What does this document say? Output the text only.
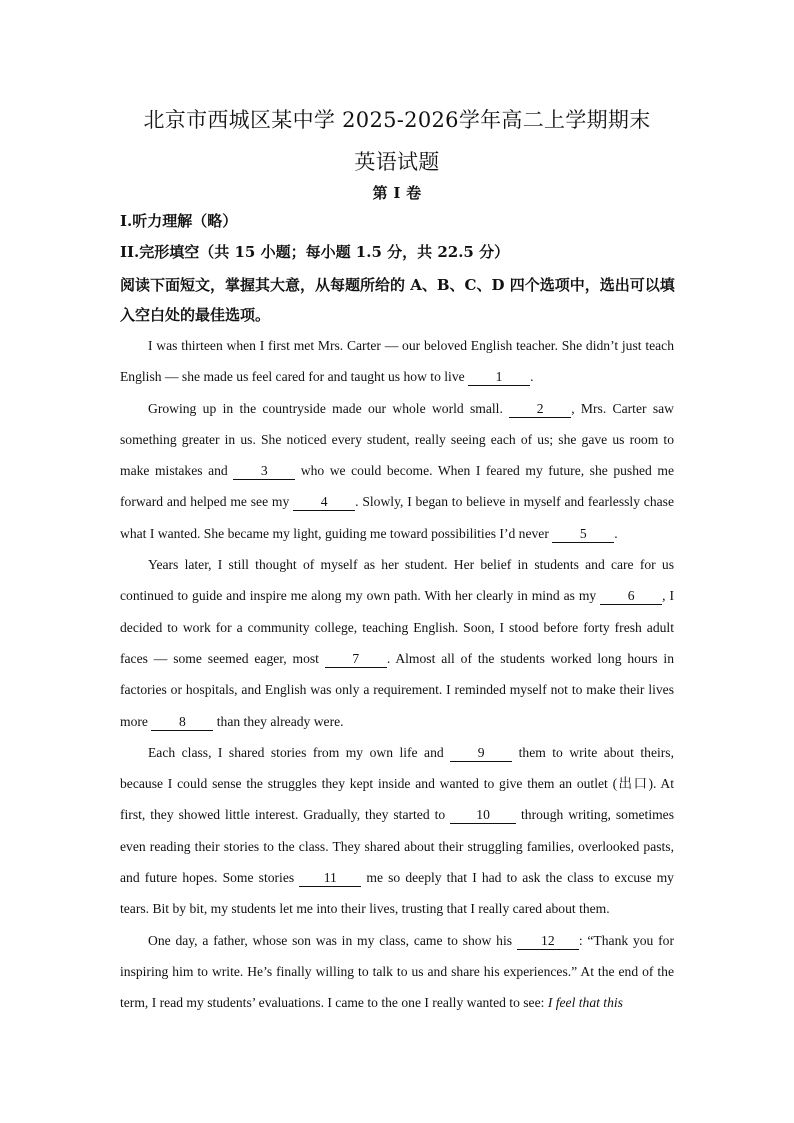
北京市西城区某中学 2025-2026学年高二上学期期末
英语试题
第 I 卷
I.听力理解（略）
II.完形填空（共 15 小题；每小题 1.5 分，共 22.5 分）
阅读下面短文，掌握其大意，从每题所给的 A、B、C、D 四个选项中，选出可以填入空白处的最佳选项。

I was thirteen when I first met Mrs. Carter — our beloved English teacher. She didn’t just teach English — she made us feel cared for and taught us how to live 1 .

Growing up in the countryside made our whole world small. 2 , Mrs. Carter saw something greater in us. She noticed every student, really seeing each of us; she gave us room to make mistakes and 3 who we could become. When I feared my future, she pushed me forward and helped me see my 4 . Slowly, I began to believe in myself and fearlessly chase what I wanted. She became my light, guiding me toward possibilities I’d never 5 .

Years later, I still thought of myself as her student. Her belief in students and care for us continued to guide and inspire me along my own path. With her clearly in mind as my 6 , I decided to work for a community college, teaching English. Soon, I stood before forty fresh adult faces — some seemed eager, most 7 . Almost all of the students worked long hours in factories or hospitals, and English was only a requirement. I reminded myself not to make their lives more 8 than they already were.

Each class, I shared stories from my own life and 9 them to write about theirs, because I could sense the struggles they kept inside and wanted to give them an outlet (出口). At first, they showed little interest. Gradually, they started to 10 through writing, sometimes even reading their stories to the class. They shared about their struggling families, overlooked pasts, and future hopes. Some stories 11 me so deeply that I had to ask the class to excuse my tears. Bit by bit, my students let me into their lives, trusting that I really cared about them.

One day, a father, whose son was in my class, came to show his 12 : “Thank you for inspiring him to write. He’s finally willing to talk to us and share his experiences.” At the end of the term, I read my students’ evaluations. I came to the one I really wanted to see: I feel that this
